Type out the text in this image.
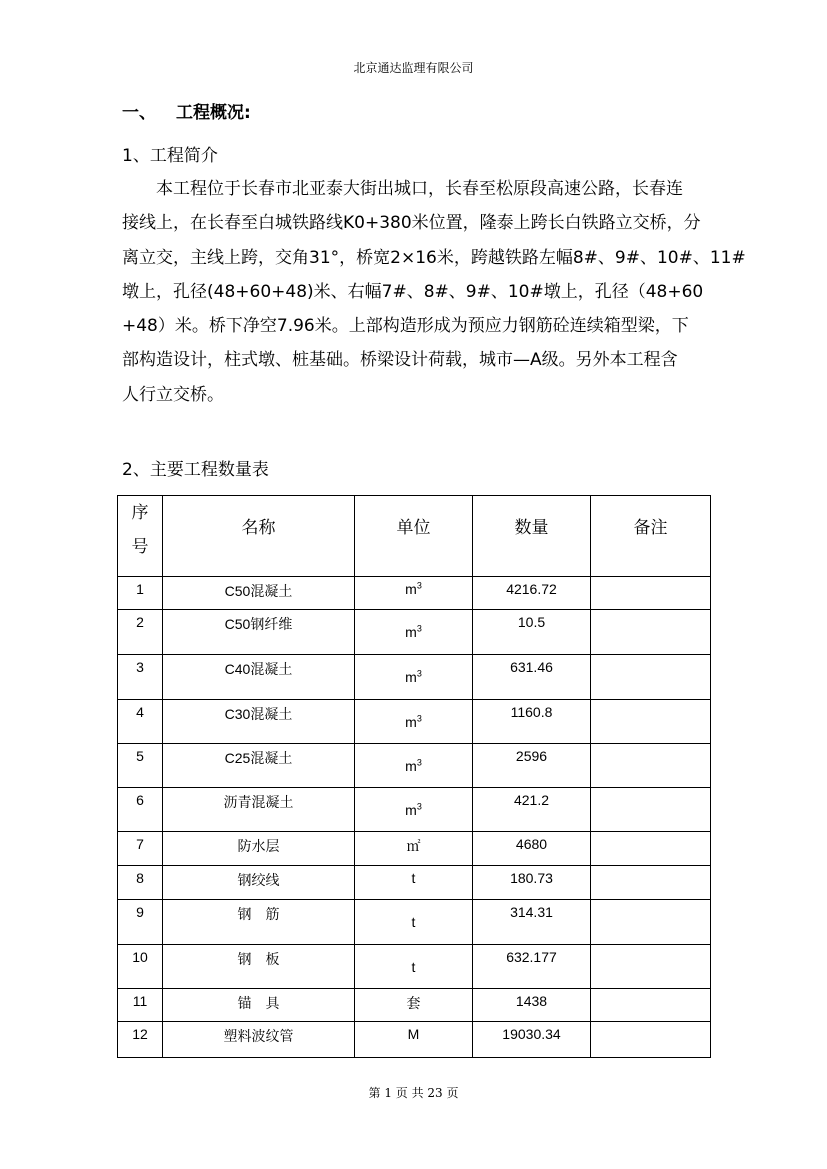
北京通达监理有限公司
一、 工程概况:
1、工程简介
　　本工程位于长春市北亚泰大街出城口，长春至松原段高速公路，长春连
接线上，在长春至白城铁路线K0+380米位置，隆泰上跨长白铁路立交桥，分
离立交，主线上跨，交角31°，桥宽2×16米，跨越铁路左幅8#、9#、10#、11#
墩上，孔径(48+60+48)米、右幅7#、8#、9#、10#墩上，孔径（48+60
+48）米。桥下净空7.96米。上部构造形成为预应力钢筋砼连续箱型梁，下
部构造设计，柱式墩、桩基础。桥梁设计荷载，城市—A级。另外本工程含
人行立交桥。
2、主要工程数量表
序
号	名称	单位	数量	备注
1	C50混凝土	$m^3$	4216.72	
2	C50钢纤维	$m^3$	10.5	
3	C40混凝土	$m^3$	631.46	
4	C30混凝土	$m^3$	1160.8	
5	C25混凝土	$m^3$	2596	
6	沥青混凝土	$m^3$	421.2	
7	防水层	㎡	4680	
8	钢绞线	t	180.73	
9	钢　筋	t	314.31	
10	钢　板	t	632.177	
11	锚　具	套	1438	
12	塑料波纹管	M	19030.34	
第 1 页 共 23 页
